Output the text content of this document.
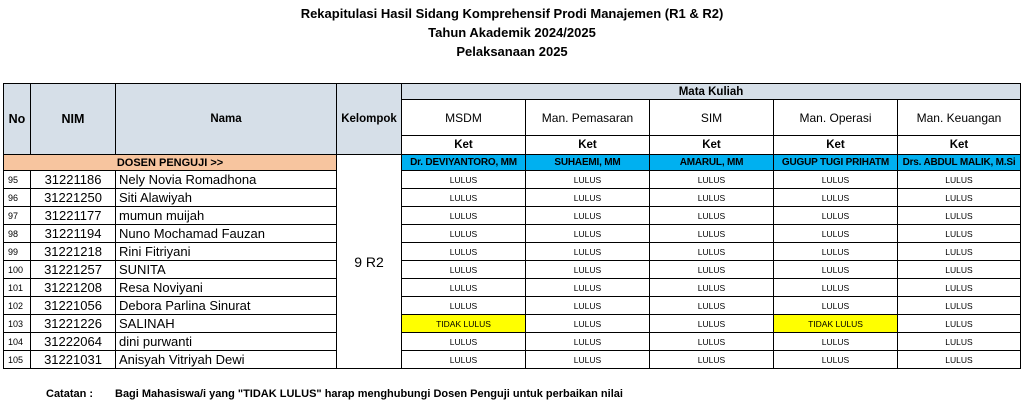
Rekapitulasi Hasil Sidang Komprehensif Prodi Manajemen (R1 & R2)
Tahun Akademik 2024/2025
Pelaksanaan 2025
No	NIM	Nama	Kelompok	Mata Kuliah				
				MSDM	Man. Pemasaran	SIM	Man. Operasi	Man. Keuangan
				Ket	Ket	Ket	Ket	Ket
DOSEN PENGUJI >>			9 R2	Dr. DEVIYANTORO, MM	SUHAEMI, MM	AMARUL, MM	GUGUP TUGI PRIHATM	Drs. ABDUL MALIK, M.Si
95	31221186	Nely Novia Romadhona		LULUS	LULUS	LULUS	LULUS	LULUS
96	31221250	Siti Alawiyah		LULUS	LULUS	LULUS	LULUS	LULUS
97	31221177	mumun muijah		LULUS	LULUS	LULUS	LULUS	LULUS
98	31221194	Nuno Mochamad Fauzan		LULUS	LULUS	LULUS	LULUS	LULUS
99	31221218	Rini Fitriyani		LULUS	LULUS	LULUS	LULUS	LULUS
100	31221257	SUNITA		LULUS	LULUS	LULUS	LULUS	LULUS
101	31221208	Resa Noviyani		LULUS	LULUS	LULUS	LULUS	LULUS
102	31221056	Debora Parlina Sinurat		LULUS	LULUS	LULUS	LULUS	LULUS
103	31221226	SALINAH		TIDAK LULUS	LULUS	LULUS	TIDAK LULUS	LULUS
104	31222064	dini purwanti		LULUS	LULUS	LULUS	LULUS	LULUS
105	31221031	Anisyah Vitriyah Dewi		LULUS	LULUS	LULUS	LULUS	LULUS
Catatan : Bagi Mahasiswa/i yang "TIDAK LULUS" harap menghubungi Dosen Penguji untuk perbaikan nilai
